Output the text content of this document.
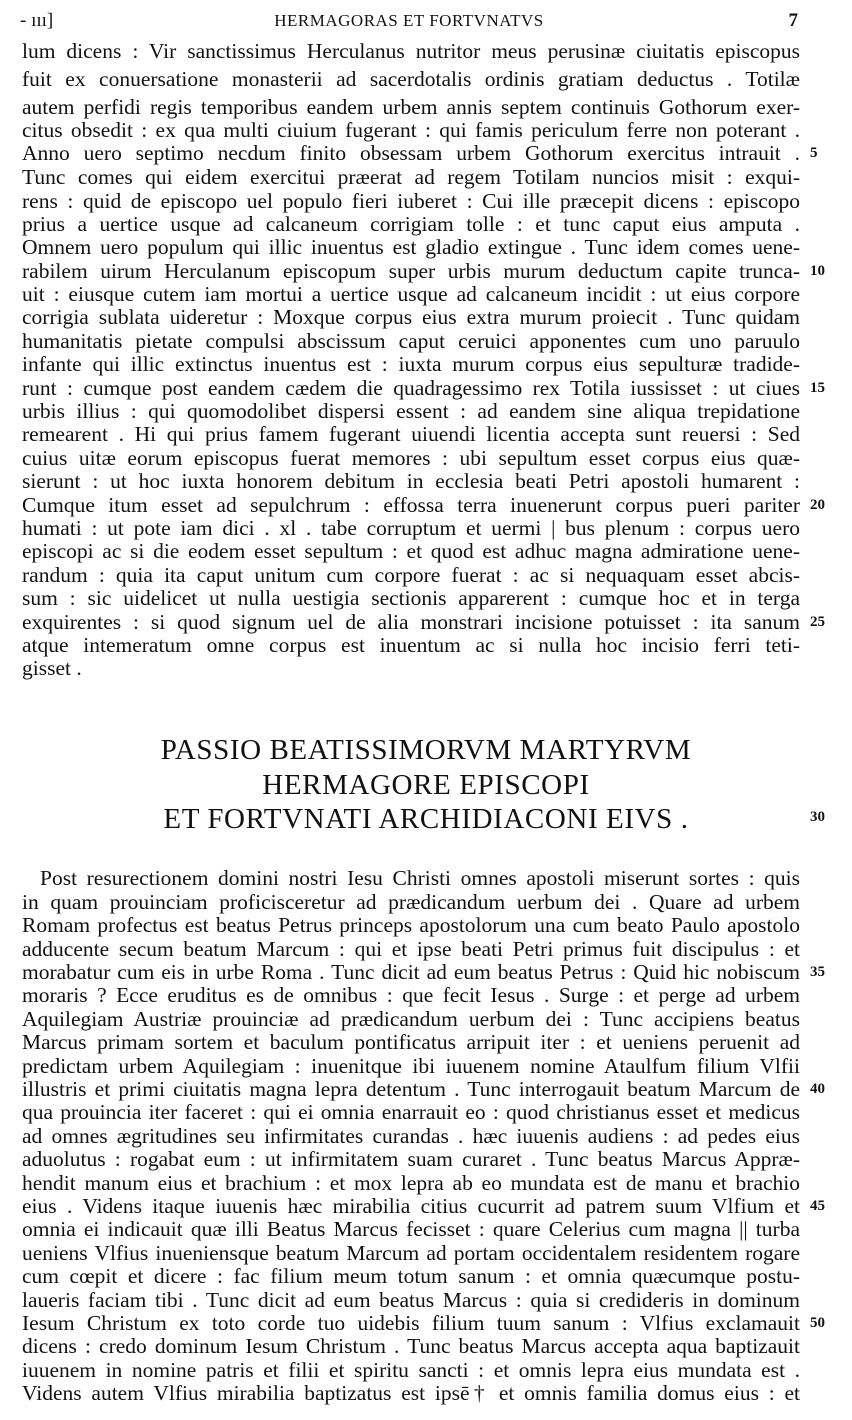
- ııı]	HERMAGORAS ET FORTVNATVS	7
lum dicens : Vir sanctissimus Herculanus nutritor meus perusinæ ciuitatis episcopus
fuit ex conuersatione monasterii ad sacerdotalis ordinis gratiam deductus . Totilæ
autem perfidi regis temporibus eandem urbem annis septem continuis Gothorum exer-
citus obsedit : ex qua multi ciuium fugerant : qui famis periculum ferre non poterant .
Anno uero septimo necdum finito obsessam urbem Gothorum exercitus intrauit .
Tunc comes qui eidem exercitui præerat ad regem Totilam nuncios misit : exqui-
rens : quid de episcopo uel populo fieri iuberet : Cui ille præcepit dicens : episcopo
prius a uertice usque ad calcaneum corrigiam tolle : et tunc caput eius amputa .
Omnem uero populum qui illic inuentus est gladio extingue . Tunc idem comes uene-
rabilem uirum Herculanum episcopum super urbis murum deductum capite trunca-
uit : eiusque cutem iam mortui a uertice usque ad calcaneum incidit : ut eius corpore
corrigia sublata uideretur : Moxque corpus eius extra murum proiecit . Tunc quidam
humanitatis pietate compulsi abscissum caput ceruici apponentes cum uno paruulo
infante qui illic extinctus inuentus est : iuxta murum corpus eius sepulturæ tradide-
runt : cumque post eandem cædem die quadragessimo rex Totila iussisset : ut ciues
urbis illius : qui quomodolibet dispersi essent : ad eandem sine aliqua trepidatione
remearent . Hi qui prius famem fugerant uiuendi licentia accepta sunt reuersi : Sed
cuius uitæ eorum episcopus fuerat memores : ubi sepultum esset corpus eius quæ-
sierunt : ut hoc iuxta honorem debitum in ecclesia beati Petri apostoli humarent :
Cumque itum esset ad sepulchrum : effossa terra inuenerunt corpus pueri pariter
humati : ut pote iam dici . xl . tabe corruptum et uermi | bus plenum : corpus uero
episcopi ac si die eodem esset sepultum : et quod est adhuc magna admiratione uene-
randum : quia ita caput unitum cum corpore fuerat : ac si nequaquam esset abcis-
sum : sic uidelicet ut nulla uestigia sectionis apparerent : cumque hoc et in terga
exquirentes : si quod signum uel de alia monstrari incisione potuisset : ita sanum
atque intemeratum omne corpus est inuentum ac si nulla hoc incisio ferri teti-
gisset .
5
10
15
20
25
PASSIO BEATISSIMORVM MARTYRVM
HERMAGORE EPISCOPI
ET FORTVNATI ARCHIDIACONI EIVS .	30
Post resurectionem domini nostri Iesu Christi omnes apostoli miserunt sortes : quis
in quam prouinciam proficisceretur ad prædicandum uerbum dei . Quare ad urbem
Romam profectus est beatus Petrus princeps apostolorum una cum beato Paulo apostolo
adducente secum beatum Marcum : qui et ipse beati Petri primus fuit discipulus : et
morabatur cum eis in urbe Roma . Tunc dicit ad eum beatus Petrus : Quid hic nobiscum
moraris ? Ecce eruditus es de omnibus : que fecit Iesus . Surge : et perge ad urbem
Aquilegiam Austriæ prouinciæ ad prædicandum uerbum dei : Tunc accipiens beatus
Marcus primam sortem et baculum pontificatus arripuit iter : et ueniens peruenit ad
predictam urbem Aquilegiam : inuenitque ibi iuuenem nomine Ataulfum filium Vlfii
illustris et primi ciuitatis magna lepra detentum . Tunc interrogauit beatum Marcum de
qua prouincia iter faceret : qui ei omnia enarrauit eo : quod christianus esset et medicus
ad omnes ægritudines seu infirmitates curandas . hæc iuuenis audiens : ad pedes eius
aduolutus : rogabat eum : ut infirmitatem suam curaret . Tunc beatus Marcus Appræ-
hendit manum eius et brachium : et mox lepra ab eo mundata est de manu et brachio
eius . Videns itaque iuuenis hæc mirabilia citius cucurrit ad patrem suum Vlfium et
omnia ei indicauit quæ illi Beatus Marcus fecisset : quare Celerius cum magna || turba
ueniens Vlfius inueniensque beatum Marcum ad portam occidentalem residentem rogare
cum cœpit et dicere : fac filium meum totum sanum : et omnia quæcumque postu-
laueris faciam tibi . Tunc dicit ad eum beatus Marcus : quia si credideris in dominum
Iesum Christum ex toto corde tuo uidebis filium tuum sanum : Vlfius exclamauit
dicens : credo dominum Iesum Christum . Tunc beatus Marcus accepta aqua baptizauit
iuuenem in nomine patris et filii et spiritu sancti : et omnis lepra eius mundata est .
Videns autem Vlfius mirabilia baptizatus est ipsē† et omnis familia domus eius : et
35
40
45
50
